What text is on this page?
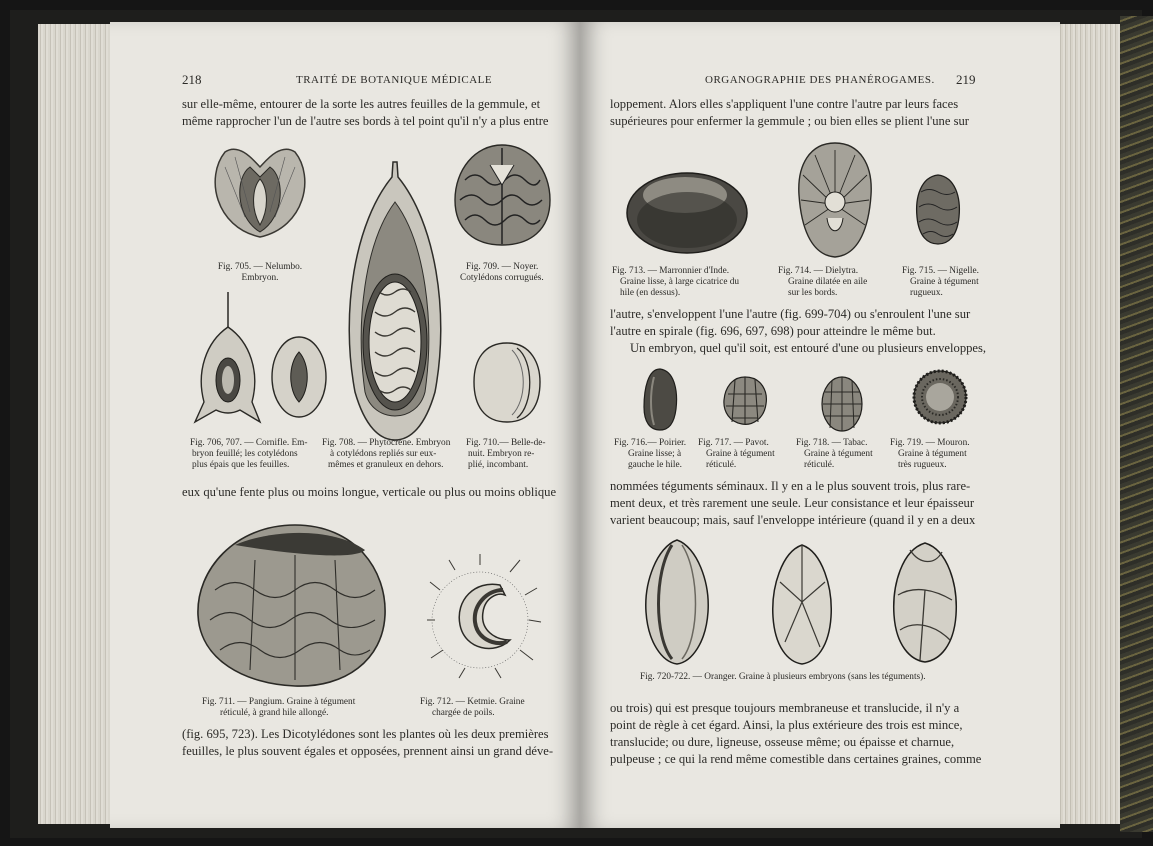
218	TRAITÉ DE BOTANIQUE MÉDICALE
sur elle-même, entourer de la sorte les autres feuilles de la gemmule, et
même rapprocher l'un de l'autre ses bords à tel point qu'il n'y a plus entre
Fig. 705. — Nelumbo.
Embryon.
Fig. 709. — Noyer.
Cotylédons corrugués.
Fig. 706, 707. — Cornifle. Em-
bryon feuillé; les cotylédons
plus épais que les feuilles.
Fig. 708. — Phytocrene. Embryon
à cotylédons repliés sur eux-
mêmes et granuleux en dehors.
Fig. 710.— Belle-de-
nuit. Embryon re-
plié, incombant.
eux qu'une fente plus ou moins longue, verticale ou plus ou moins oblique
Fig. 711. — Pangium. Graine à tégument
réticulé, à grand hile allongé.
Fig. 712. — Ketmie. Graine
chargée de poils.
(fig. 695, 723). Les Dicotylédones sont les plantes où les deux premières
feuilles, le plus souvent égales et opposées, prennent ainsi un grand déve-
ORGANOGRAPHIE DES PHANÉROGAMES. 219
loppement. Alors elles s'appliquent l'une contre l'autre par leurs faces
supérieures pour enfermer la gemmule ; ou bien elles se plient l'une sur
Fig. 713. — Marronnier d'Inde.
Graine lisse, à large cicatrice du
hile (en dessus).
Fig. 714. — Dielytra.
Graine dilatée en aile
sur les bords.
Fig. 715. — Nigelle.
Graine à tégument
rugueux.
l'autre, s'enveloppent l'une l'autre (fig. 699-704) ou s'enroulent l'une sur
l'autre en spirale (fig. 696, 697, 698) pour atteindre le même but.
Un embryon, quel qu'il soit, est entouré d'une ou plusieurs enveloppes,
Fig. 716.— Poirier.
Graine lisse; à
gauche le hile.
Fig. 717. — Pavot.
Graine à tégument
réticulé.
Fig. 718. — Tabac.
Graine à tégument
réticulé.
Fig. 719. — Mouron.
Graine à tégument
très rugueux.
nommées téguments séminaux. Il y en a le plus souvent trois, plus rare-
ment deux, et très rarement une seule. Leur consistance et leur épaisseur
varient beaucoup; mais, sauf l'enveloppe intérieure (quand il y en a deux
Fig. 720-722. — Oranger. Graine à plusieurs embryons (sans les téguments).
ou trois) qui est presque toujours membraneuse et translucide, il n'y a
point de règle à cet égard. Ainsi, la plus extérieure des trois est mince,
translucide; ou dure, ligneuse, osseuse même; ou épaisse et charnue,
pulpeuse ; ce qui la rend même comestible dans certaines graines, comme
